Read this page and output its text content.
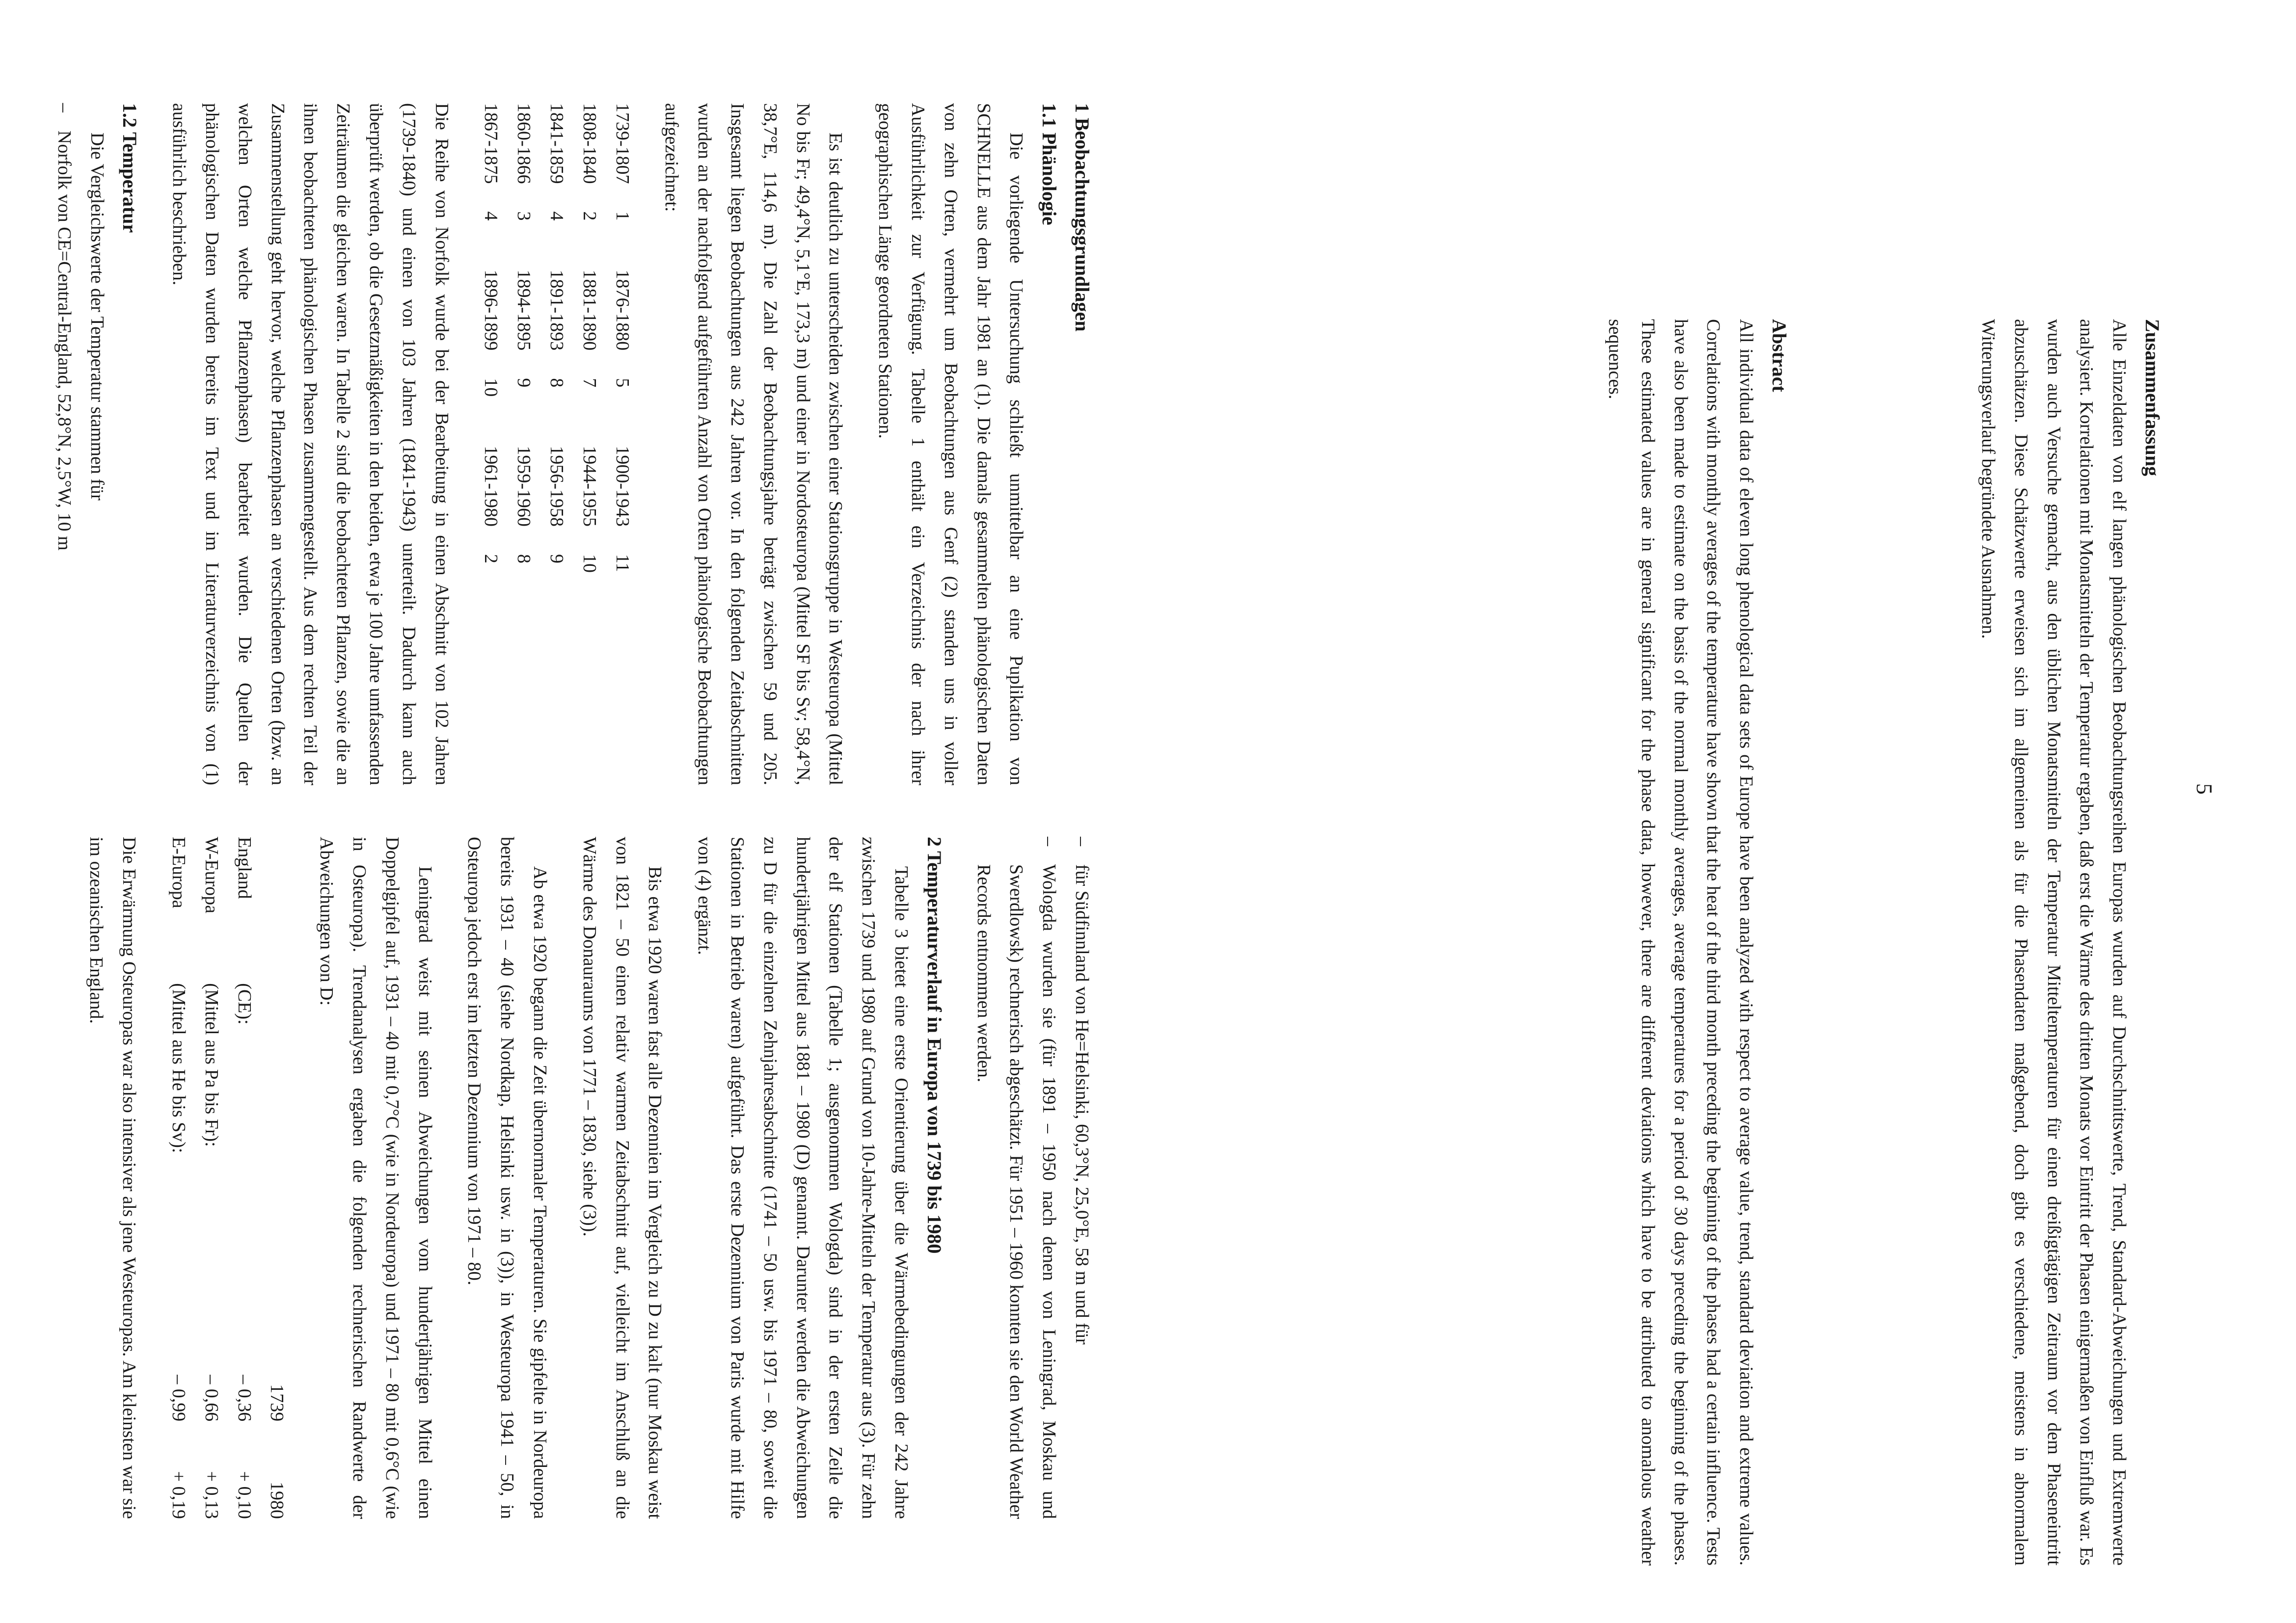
5

Zusammenfassung

Alle Einzeldaten von elf langen phänologischen Beobachtungsreihen Europas wurden auf Durchschnittswerte, Trend, Standard-Abweichungen und Extremwerte analysiert. Korrelationen mit Monatsmitteln der Temperatur ergaben, daß erst die Wärme des dritten Monats vor Eintritt der Phasen einigermaßen von Einfluß war. Es wurden auch Versuche gemacht, aus den üblichen Monatsmitteln der Temperatur Mitteltemperaturen für einen dreißigtägigen Zeitraum vor dem Phaseneintritt abzuschätzen. Diese Schätzwerte erweisen sich im allgemeinen als für die Phasendaten maßgebend, doch gibt es verschiedene, meistens in abnormalem Witterungsverlauf begründete Ausnahmen.

Abstract

All individual data of eleven long phenological data sets of Europe have been analyzed with respect to average value, trend, standard deviation and extreme values. Correlations with monthly averages of the temperature have shown that the heat of the third month preceding the beginning of the phases had a certain influence. Tests have also been made to estimate on the basis of the normal monthly averages, average temperatures for a period of 30 days preceding the beginning of the phases. These estimated values are in general significant for the phase data, however, there are different deviations which have to be attributed to anomalous weather sequences.

1 Beobachtungsgrundlagen

1.1 Phänologie

Die vorliegende Untersuchung schließt unmittelbar an eine Puplikation von SCHNELLE aus dem Jahr 1981 an (1). Die damals gesammelten phänologischen Daten von zehn Orten, vermehrt um Beobachtungen aus Genf (2) standen uns in voller Ausführlichkeit zur Verfügung. Tabelle 1 enthält ein Verzeichnis der nach ihrer geographischen Länge geordneten Stationen.

Es ist deutlich zu unterscheiden zwischen einer Stationsgruppe in Westeuropa (Mittel No bis Fr; 49,4°N, 5,1°E, 173,3 m) und einer in Nordosteuropa (Mittel SF bis Sv; 58,4°N, 38,7°E, 114,6 m). Die Zahl der Beobachtungsjahre beträgt zwischen 59 und 205. Insgesamt liegen Beobachtungen aus 242 Jahren vor. In den folgenden Zeitabschnitten wurden an der nachfolgend aufgeführten Anzahl von Orten phänologische Beobachtungen aufgezeichnet:

1739-1807	1	1876-1880	5	1900-1943	11
1808-1840	2	1881-1890	7	1944-1955	10
1841-1859	4	1891-1893	8	1956-1958	9
1860-1866	3	1894-1895	9	1959-1960	8
1867-1875	4	1896-1899	10	1961-1980	2

Die Reihe von Norfolk wurde bei der Bearbeitung in einen Abschnitt von 102 Jahren (1739-1840) und einen von 103 Jahren (1841-1943) unterteilt. Dadurch kann auch überprüft werden, ob die Gesetzmäßigkeiten in den beiden, etwa je 100 Jahre umfassenden Zeiträumen die gleichen waren. In Tabelle 2 sind die beobachteten Pflanzen, sowie die an ihnen beobachteten phänologischen Phasen zusammengestellt. Aus dem rechten Teil der Zusammenstellung geht hervor, welche Pflanzenphasen an verschiedenen Orten (bzw. an welchen Orten welche Pflanzenphasen) bearbeitet wurden. Die Quellen der phänologischen Daten wurden bereits im Text und im Literaturverzeichnis von (1) ausführlich beschrieben.

1.2 Temperatur

Die Vergleichswerte der Temperatur stammen für

– Norfolk von CE=Central-England, 52,8°N, 2,5°W, 10 m
– für Südfinnland von He=Helsinki, 60,3°N, 25,0°E, 58 m und für
– Wologda wurden sie (für 1891 – 1950 nach denen von Leningrad, Moskau und Swerdlowsk) rechnerisch abgeschätzt. Für 1951 – 1960 konnten sie den World Weather Records entnommen werden.

2 Temperaturverlauf in Europa von 1739 bis 1980

Tabelle 3 bietet eine erste Orientierung über die Wärmebedingungen der 242 Jahre zwischen 1739 und 1980 auf Grund von 10-Jahre-Mitteln der Temperatur aus (3). Für zehn der elf Stationen (Tabelle 1; ausgenommen Wologda) sind in der ersten Zeile die hundertjährigen Mittel aus 1881 – 1980 (D) genannt. Darunter werden die Abweichungen zu D für die einzelnen Zehnjahresabschnitte (1741 – 50 usw. bis 1971 – 80, soweit die Stationen in Betrieb waren) aufgeführt. Das erste Dezennium von Paris wurde mit Hilfe von (4) ergänzt.

Bis etwa 1920 waren fast alle Dezennien im Vergleich zu D zu kalt (nur Moskau weist von 1821 – 50 einen relativ warmen Zeitabschnitt auf, vielleicht im Anschluß an die Wärme des Donauraums von 1771 – 1830, siehe (3)).

Ab etwa 1920 begann die Zeit übernormaler Temperaturen. Sie gipfelte in Nordeuropa bereits 1931 – 40 (siehe Nordkap, Helsinki usw. in (3)), in Westeuropa 1941 – 50, in Osteuropa jedoch erst im letzten Dezennium von 1971 – 80.

Leningrad weist mit seinen Abweichungen vom hundertjährigen Mittel einen Doppelgipfel auf, 1931 – 40 mit 0,7°C (wie in Nordeuropa) und 1971 – 80 mit 0,6°C (wie in Osteuropa). Trendanalysen ergaben die folgenden rechnerischen Randwerte der Abweichungen von D:

		1739	1980
England	(CE):	– 0,36	+ 0,10
W-Europa	(Mittel aus Pa bis Fr):	– 0,66	+ 0,13
E-Europa	(Mittel aus He bis Sv):	– 0,99	+ 0,19

Die Erwärmung Osteuropas war also intensiver als jene Westeuropas. Am kleinsten war sie im ozeanischen England.
